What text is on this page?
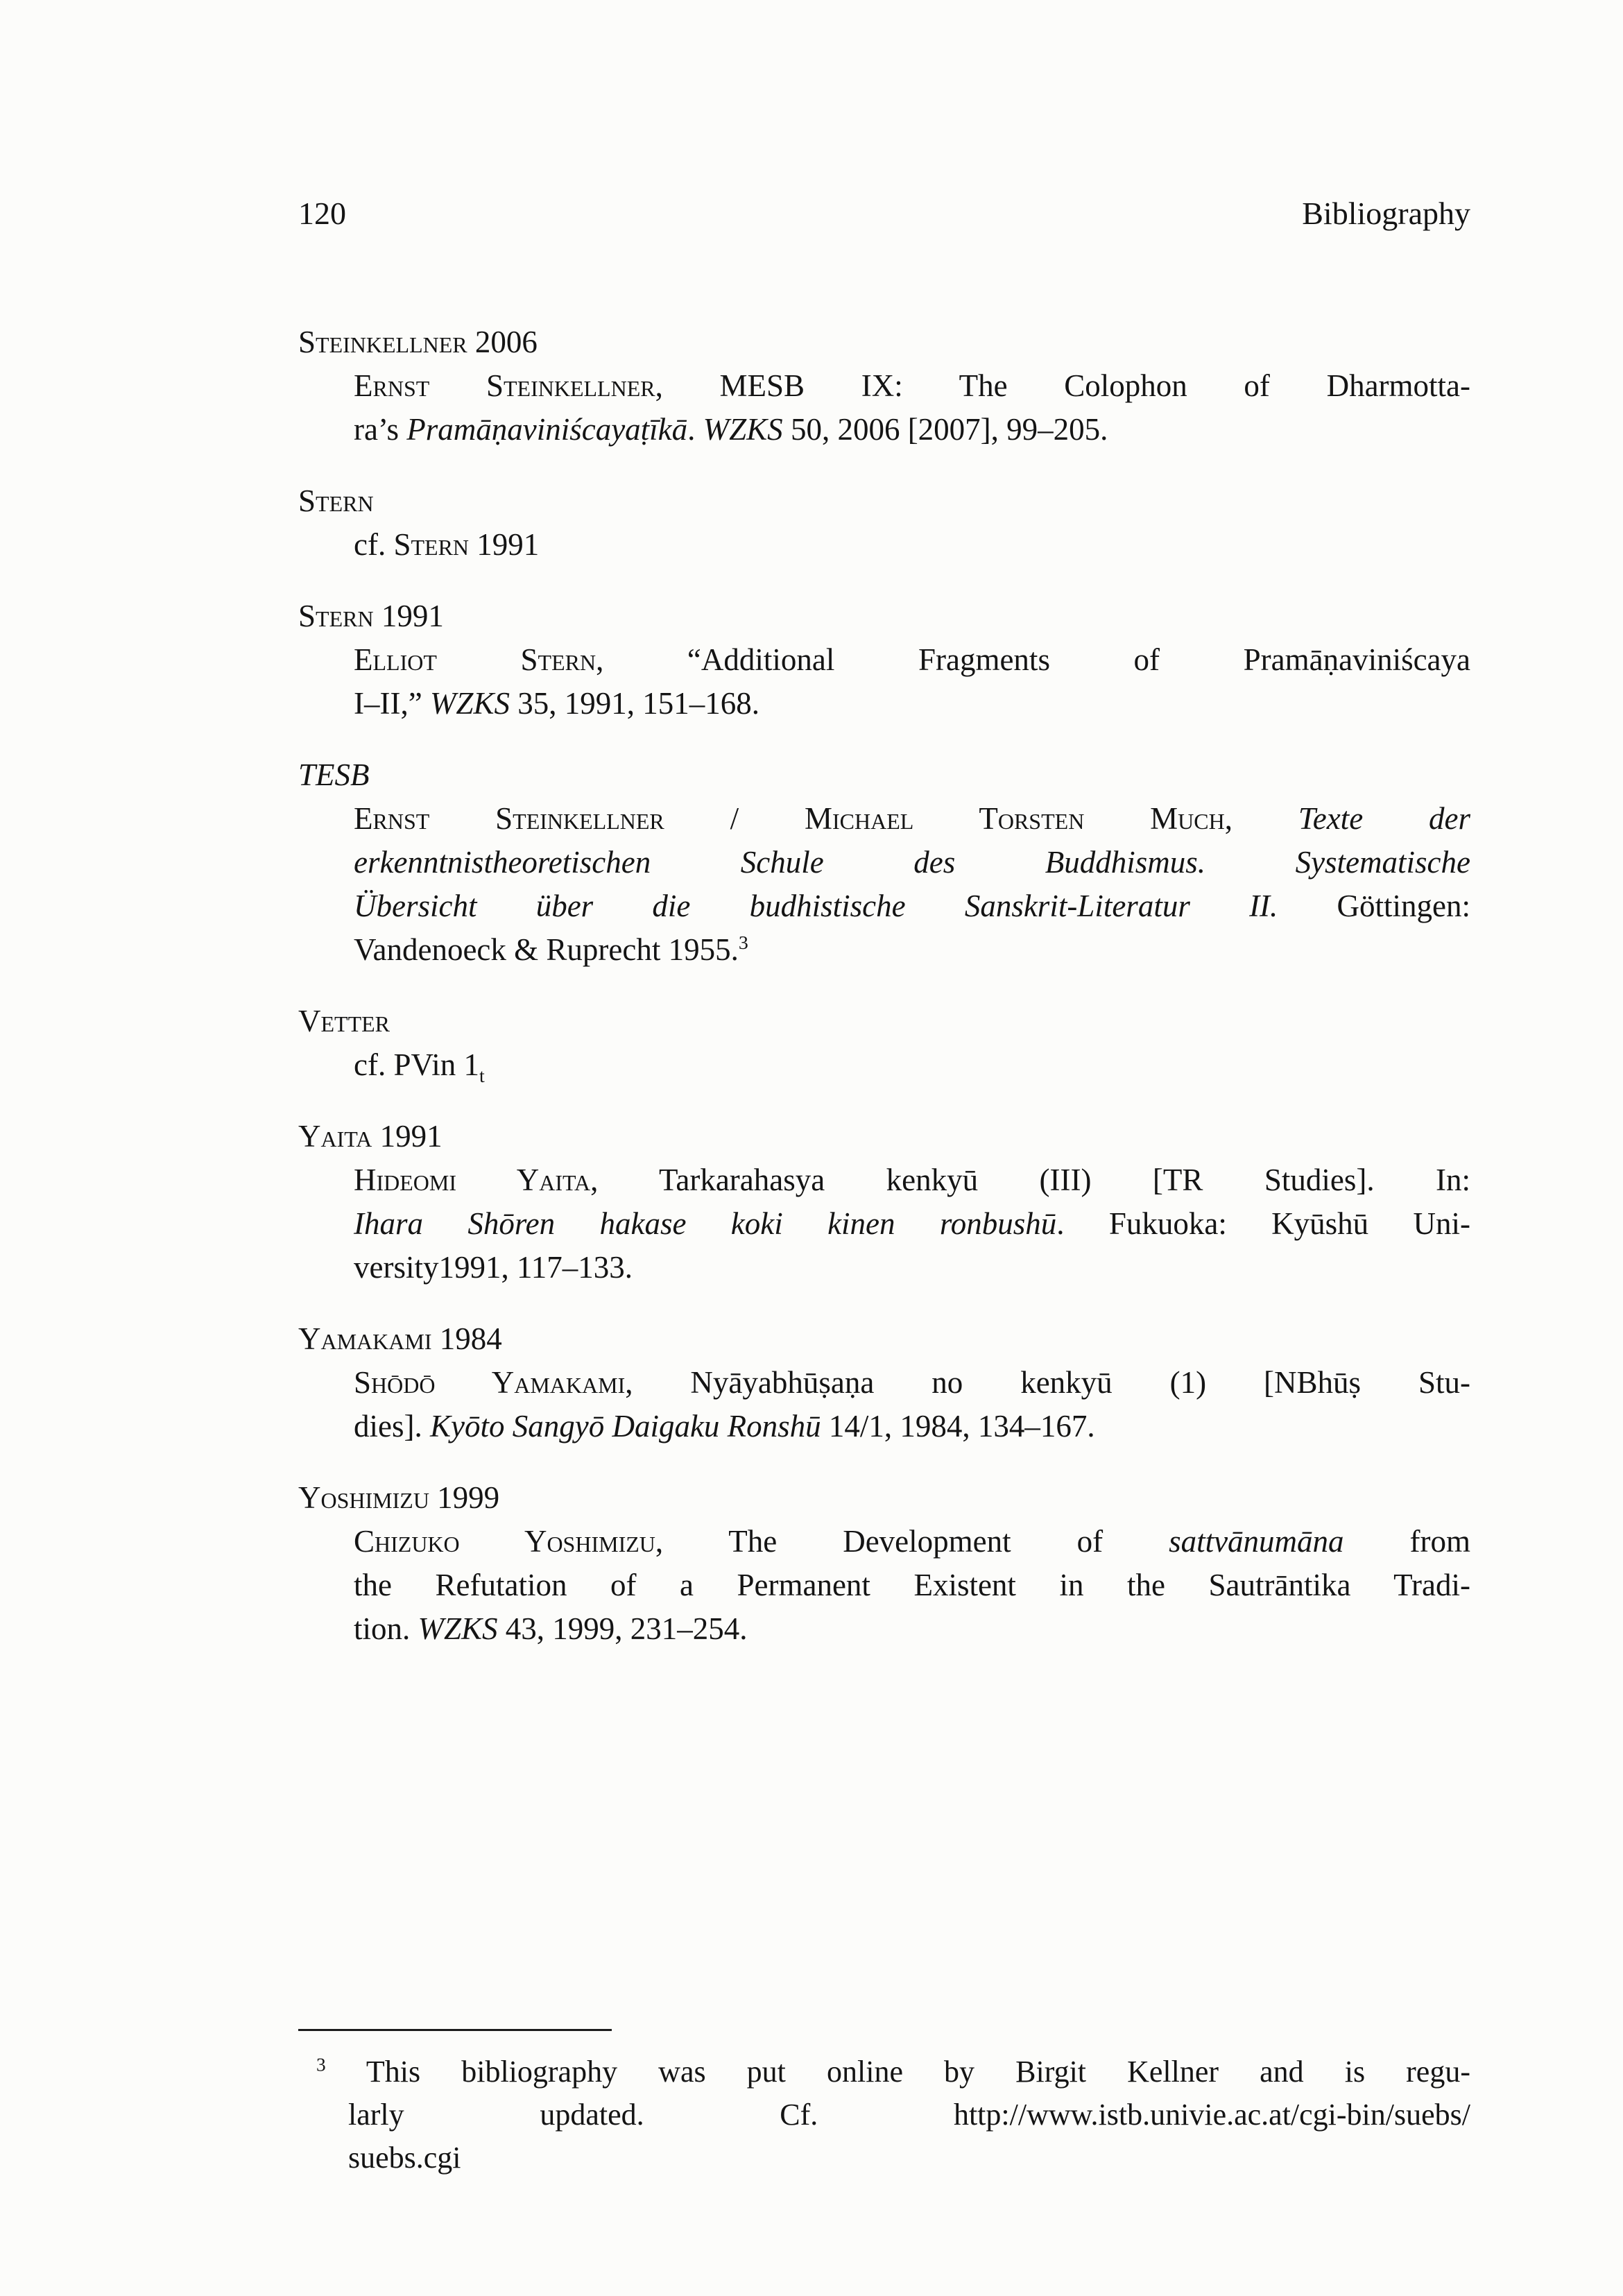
120	Bibliography
Steinkellner 2006
Ernst Steinkellner, MESB IX: The Colophon of Dharmotta-
ra’s Pramāṇaviniścayaṭīkā. WZKS 50, 2006 [2007], 99–205.
Stern
cf. Stern 1991
Stern 1991
Elliot Stern, “Additional Fragments of Pramāṇaviniścaya
I–II,” WZKS 35, 1991, 151–168.
TESB
Ernst Steinkellner / Michael Torsten Much, Texte der
erkenntnistheoretischen Schule des Buddhismus. Systematische
Übersicht über die budhistische Sanskrit-Literatur II. Göttingen:
Vandenoeck & Ruprecht 1955.$^3$
Vetter
cf. PVin $1_t$
Yaita 1991
Hideomi Yaita, Tarkarahasya kenkyū (III) [TR Studies]. In:
Ihara Shōren hakase koki kinen ronbushū. Fukuoka: Kyūshū Uni-
versity1991, 117–133.
Yamakami 1984
Shōdō Yamakami, Nyāyabhūṣaṇa no kenkyū (1) [NBhūṣ Stu-
dies]. Kyōto Sangyō Daigaku Ronshū 14/1, 1984, 134–167.
Yoshimizu 1999
Chizuko Yoshimizu, The Development of sattvānumāna from
the Refutation of a Permanent Existent in the Sautrāntika Tradi-
tion. WZKS 43, 1999, 231–254.
$^3$ This bibliography was put online by Birgit Kellner and is regu-
larly updated. Cf. http://www.istb.univie.ac.at/cgi-bin/suebs/
suebs.cgi
